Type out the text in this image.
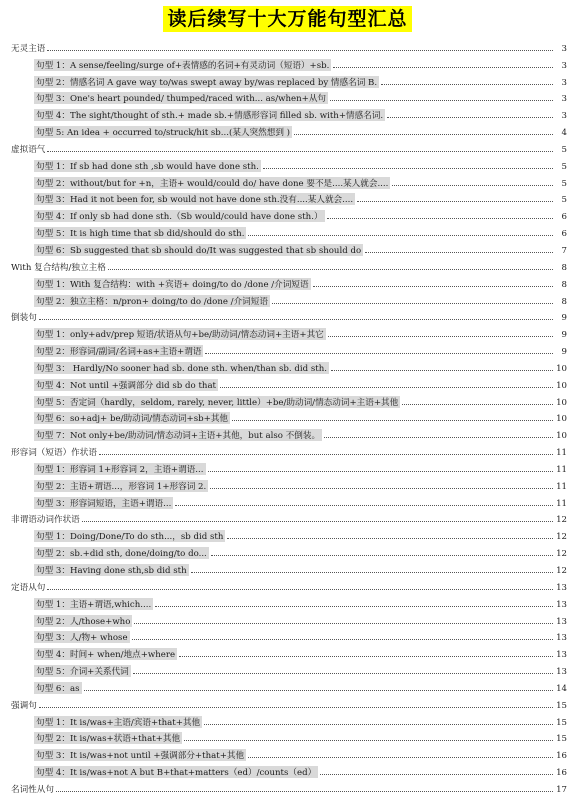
读后续写十大万能句型汇总
无灵主语	3
句型 1：A sense/feeling/surge of+表情感的名词+有灵动词（短语）+sb.	3
句型 2：情感名词 A gave way to/was swept away by/was replaced by 情感名词 B.	3
句型 3：One's heart pounded/ thumped/raced with... as/when+从句	3
句型 4：The sight/thought of sth.+ made sb.+情感形容词 filled sb. with+情感名词.	3
句型 5: An idea + occurred to/struck/hit sb...(某人突然想到 )	4
虚拟语气	5
句型 1：If sb had done sth ,sb would have done sth.	5
句型 2：without/but for +n，主语+ would/could do/ have done 要不是....某人就会....	5
句型 3：Had it not been for, sb would not have done sth.没有....某人就会....	5
句型 4：If only sb had done sth.（Sb would/could have done sth.）	6
句型 5：It is high time that sb did/should do sth.	6
句型 6：Sb suggested that sb should do/It was suggested that sb should do	7
With 复合结构/独立主格	8
句型 1：With 复合结构：with +宾语+ doing/to do /done /介词短语	8
句型 2：独立主格：n/pron+ doing/to do /done /介词短语	8
倒装句	9
句型 1：only+adv/prep 短语/状语从句+be/助动词/情态动词+主语+其它	9
句型 2：形容词/副词/名词+as+主语+谓语	9
句型 3： Hardly/No sooner had sb. done sth. when/than sb. did sth.	10
句型 4：Not until +强调部分 did sb do that	10
句型 5：否定词（hardly，seldom, rarely, never, little）+be/助动词/情态动词+主语+其他	10
句型 6：so+adj+ be/助动词/情态动词+sb+其他	10
句型 7：Not only+be/助动词/情态动词+主语+其他，but also 不倒装。	10
形容词（短语）作状语	11
句型 1：形容词 1+形容词 2，主语+谓语...	11
句型 2：主语+谓语...，形容词 1+形容词 2.	11
句型 3：形容词短语，主语+谓语...	11
非谓语动词作状语	12
句型 1：Doing/Done/To do sth...，sb did sth	12
句型 2：sb.+did sth, done/doing/to do...	12
句型 3：Having done sth,sb did sth	12
定语从句	13
句型 1：主语+谓语,which....	13
句型 2：人/those+who	13
句型 3：人/物+ whose	13
句型 4：时间+ when/地点+where	13
句型 5：介词+关系代词	13
句型 6：as	14
强调句	15
句型 1：It is/was+主语/宾语+that+其他	15
句型 2：It is/was+状语+that+其他	15
句型 3：It is/was+not until +强调部分+that+其他	16
句型 4：It is/was+not A but B+that+matters（ed）/counts（ed）	16
名词性从句	17
